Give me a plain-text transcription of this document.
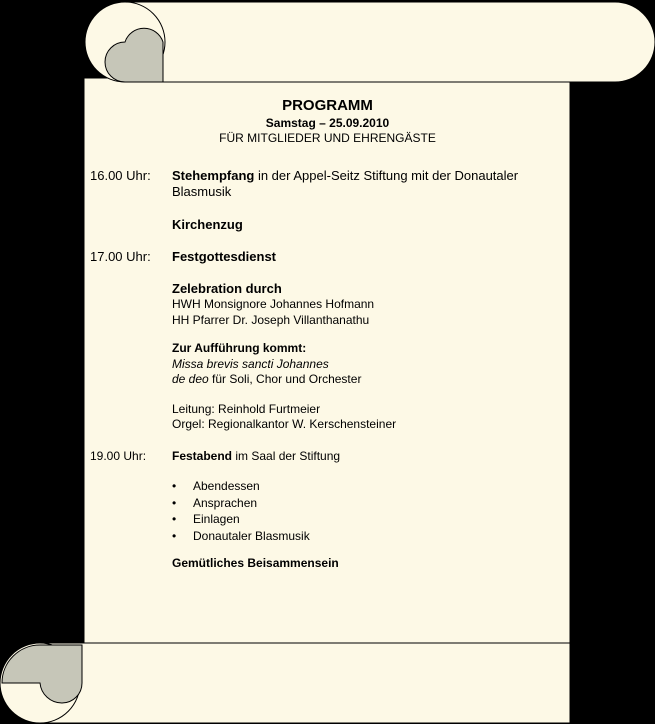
PROGRAMM
Samstag – 25.09.2010
FÜR MITGLIEDER UND EHRENGÄSTE
16.00 Uhr: Stehempfang in der Appel-Seitz Stiftung mit der Donautaler
Blasmusik
Kirchenzug
17.00 Uhr: Festgottesdienst
Zelebration durch
HWH Monsignore Johannes Hofmann
HH Pfarrer Dr. Joseph Villanthanathu
Zur Aufführung kommt:
Missa brevis sancti Johannes
de deo für Soli, Chor und Orchester
Leitung: Reinhold Furtmeier
Orgel: Regionalkantor W. Kerschensteiner
19.00 Uhr: Festabend im Saal der Stiftung
• Abendessen
• Ansprachen
• Einlagen
• Donautaler Blasmusik
Gemütliches Beisammensein
